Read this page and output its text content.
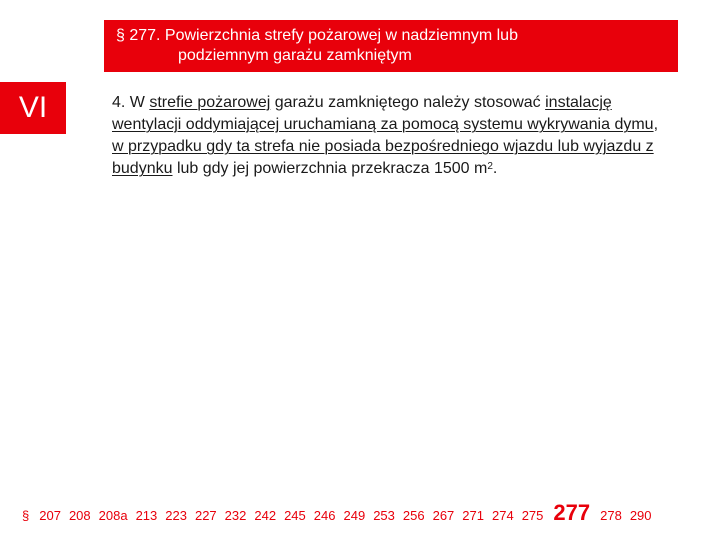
§ 277. Powierzchnia strefy pożarowej w nadziemnym lub
podziemnym garażu zamkniętym
VI	4. W strefie pożarowej garażu zamkniętego należy stosować instalację wentylacji oddymiającej uruchamianą za pomocą systemu wykrywania dymu, w przypadku gdy ta strefa nie posiada bezpośredniego wjazdu lub wyjazdu z budynku lub gdy jej powierzchnia przekracza 1500 $m^2$.
§ 207 208 208a 213 223 227 232 242 245 246 249 253 256 267 271 274 275 277 278 290
